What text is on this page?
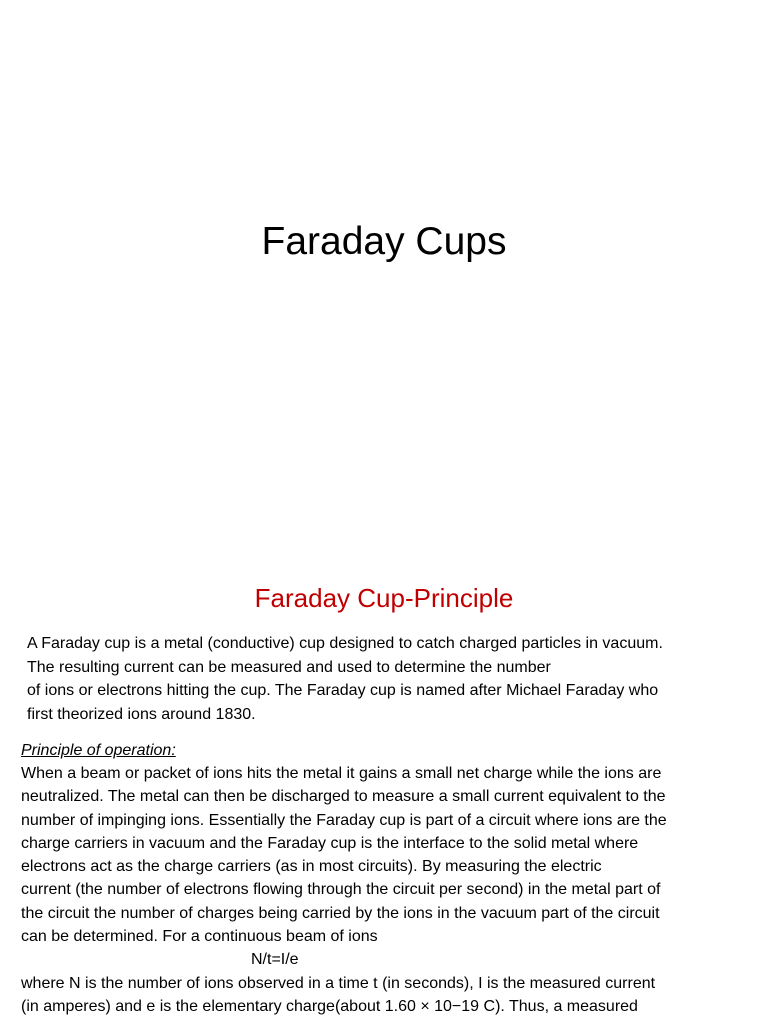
Faraday Cups
Faraday Cup-Principle
A Faraday cup is a metal (conductive) cup designed to catch charged particles in vacuum.
The resulting current can be measured and used to determine the number
of ions or electrons hitting the cup. The Faraday cup is named after Michael Faraday who
first theorized ions around 1830.
Principle of operation:
When a beam or packet of ions hits the metal it gains a small net charge while the ions are
neutralized. The metal can then be discharged to measure a small current equivalent to the
number of impinging ions. Essentially the Faraday cup is part of a circuit where ions are the
charge carriers in vacuum and the Faraday cup is the interface to the solid metal where
electrons act as the charge carriers (as in most circuits). By measuring the electric
current (the number of electrons flowing through the circuit per second) in the metal part of
the circuit the number of charges being carried by the ions in the vacuum part of the circuit
can be determined. For a continuous beam of ions
N/t=I/e
where N is the number of ions observed in a time t (in seconds), I is the measured current
(in amperes) and e is the elementary charge(about 1.60 × 10−19 C). Thus, a measured
